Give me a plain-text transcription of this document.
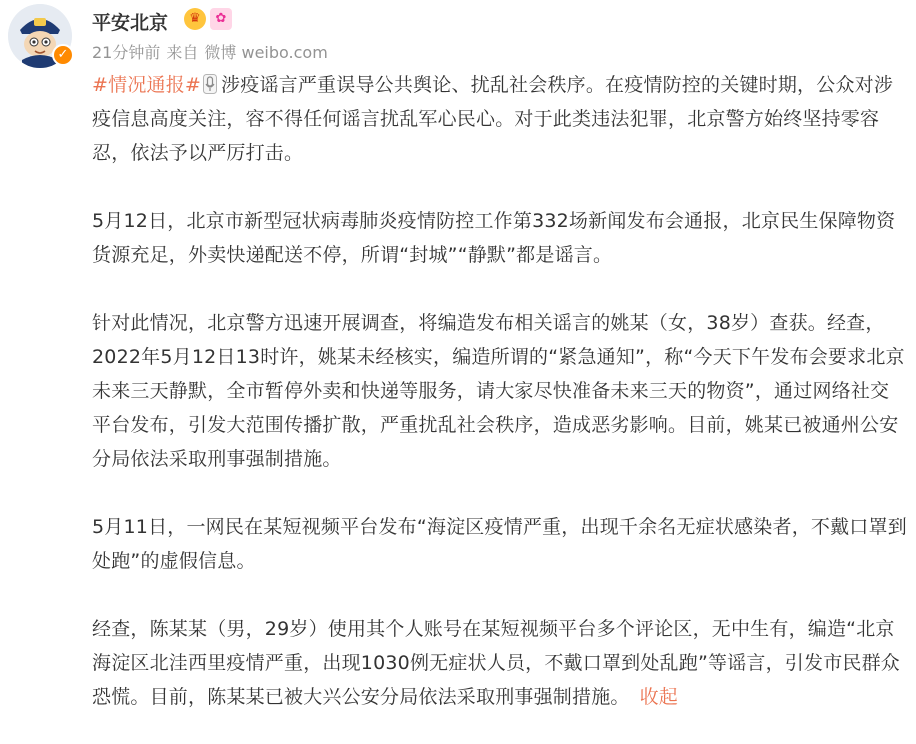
✓
平安北京	♛	✿
21分钟前 来自 微博 weibo.com

#情况通报# 涉疫谣言严重误导公共舆论、扰乱社会秩序。在疫情防控的关键时期，公众对涉疫信息高度关注，容不得任何谣言扰乱军心民心。对于此类违法犯罪，北京警方始终坚持零容忍，依法予以严厉打击。

5月12日，北京市新型冠状病毒肺炎疫情防控工作第332场新闻发布会通报，北京民生保障物资货源充足，外卖快递配送不停，所谓“封城”“静默”都是谣言。

针对此情况，北京警方迅速开展调查，将编造发布相关谣言的姚某（女，38岁）查获。经查，2022年5月12日13时许，姚某未经核实，编造所谓的“紧急通知”，称“今天下午发布会要求北京未来三天静默，全市暂停外卖和快递等服务，请大家尽快准备未来三天的物资”，通过网络社交平台发布，引发大范围传播扩散，严重扰乱社会秩序，造成恶劣影响。目前，姚某已被通州公安分局依法采取刑事强制措施。

5月11日，一网民在某短视频平台发布“海淀区疫情严重，出现千余名无症状感染者，不戴口罩到处跑”的虚假信息。

经查，陈某某（男，29岁）使用其个人账号在某短视频平台多个评论区，无中生有，编造“北京海淀区北洼西里疫情严重，出现1030例无症状人员，不戴口罩到处乱跑”等谣言，引发市民群众恐慌。目前，陈某某已被大兴公安分局依法采取刑事强制措施。 收起
